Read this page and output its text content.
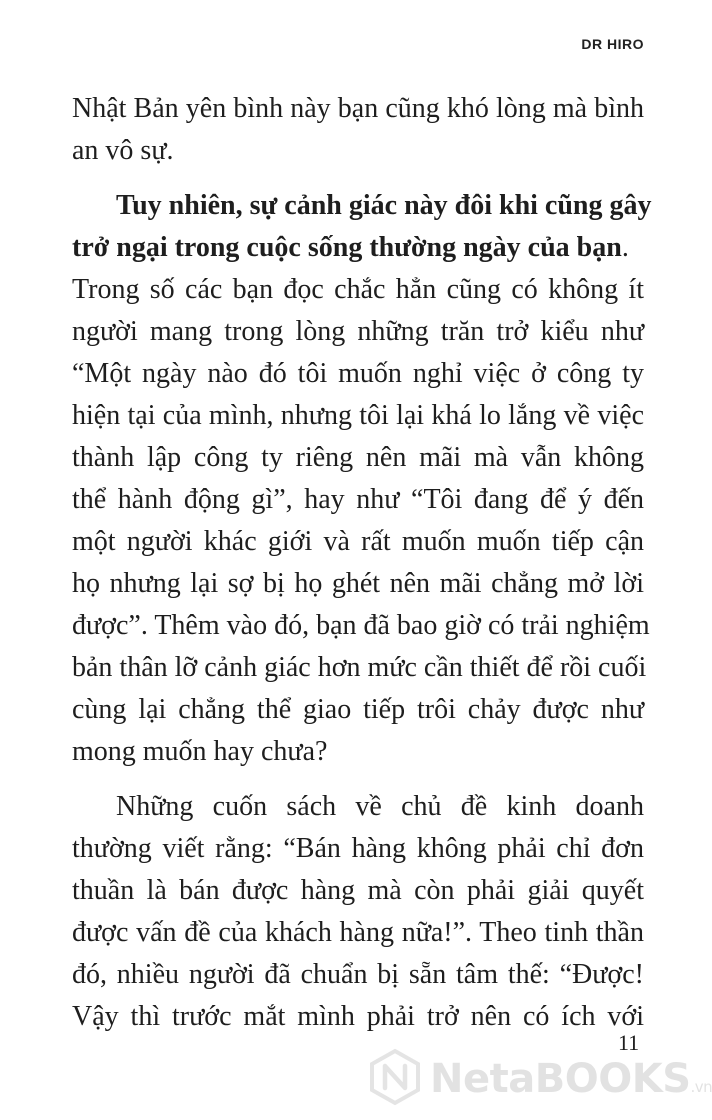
DR HIRO
Nhật Bản yên bình này bạn cũng khó lòng mà bình
an vô sự.
Tuy nhiên, sự cảnh giác này đôi khi cũng gây
trở ngại trong cuộc sống thường ngày của bạn.
Trong số các bạn đọc chắc hẳn cũng có không ít
người mang trong lòng những trăn trở kiểu như
“Một ngày nào đó tôi muốn nghỉ việc ở công ty
hiện tại của mình, nhưng tôi lại khá lo lắng về việc
thành lập công ty riêng nên mãi mà vẫn không
thể hành động gì”, hay như “Tôi đang để ý đến
một người khác giới và rất muốn muốn tiếp cận
họ nhưng lại sợ bị họ ghét nên mãi chẳng mở lời
được”. Thêm vào đó, bạn đã bao giờ có trải nghiệm
bản thân lỡ cảnh giác hơn mức cần thiết để rồi cuối
cùng lại chẳng thể giao tiếp trôi chảy được như
mong muốn hay chưa?
Những cuốn sách về chủ đề kinh doanh
thường viết rằng: “Bán hàng không phải chỉ đơn
thuần là bán được hàng mà còn phải giải quyết
được vấn đề của khách hàng nữa!”. Theo tinh thần
đó, nhiều người đã chuẩn bị sẵn tâm thế: “Được!
Vậy thì trước mắt mình phải trở nên có ích với
11
NetaBOOKS.vn
